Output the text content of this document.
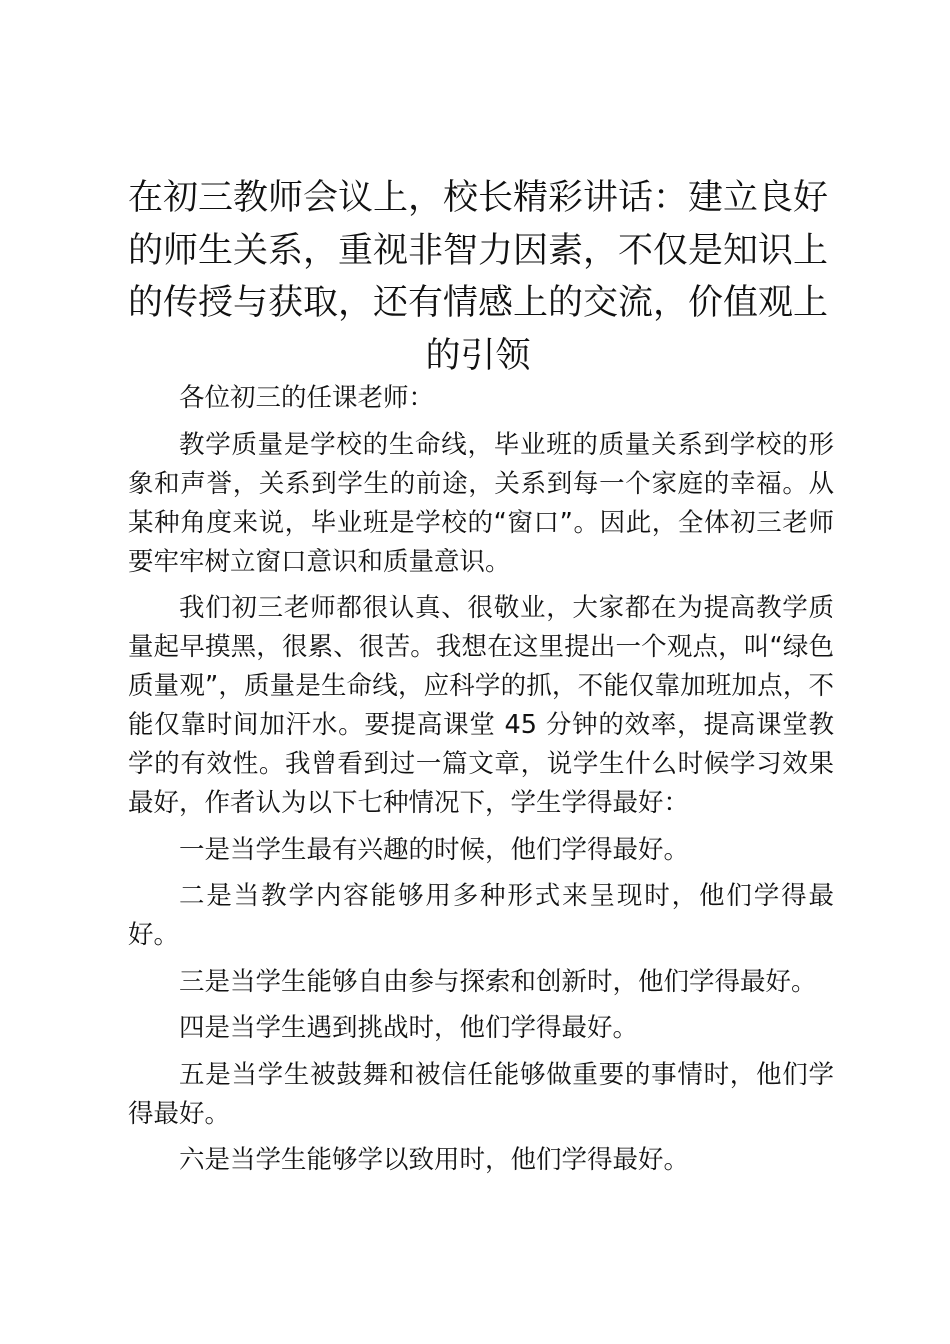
在初三教师会议上，校长精彩讲话：建立良好的师生关系，重视非智力因素，不仅是知识上的传授与获取，还有情感上的交流，价值观上的引领

各位初三的任课老师：

教学质量是学校的生命线，毕业班的质量关系到学校的形象和声誉，关系到学生的前途，关系到每一个家庭的幸福。从某种角度来说，毕业班是学校的“窗口”。因此，全体初三老师要牢牢树立窗口意识和质量意识。

我们初三老师都很认真、很敬业，大家都在为提高教学质量起早摸黑，很累、很苦。我想在这里提出一个观点，叫“绿色质量观”，质量是生命线，应科学的抓，不能仅靠加班加点，不能仅靠时间加汗水。要提高课堂 45 分钟的效率，提高课堂教学的有效性。我曾看到过一篇文章，说学生什么时候学习效果最好，作者认为以下七种情况下，学生学得最好：

一是当学生最有兴趣的时候，他们学得最好。

二是当教学内容能够用多种形式来呈现时，他们学得最好。

三是当学生能够自由参与探索和创新时，他们学得最好。

四是当学生遇到挑战时，他们学得最好。

五是当学生被鼓舞和被信任能够做重要的事情时，他们学得最好。

六是当学生能够学以致用时，他们学得最好。
